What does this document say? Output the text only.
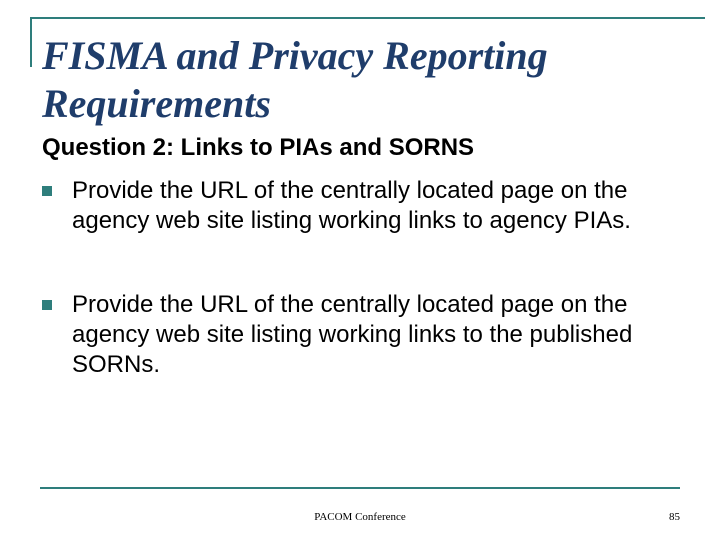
FISMA and Privacy Reporting Requirements
Question 2: Links to PIAs and SORNS
Provide the URL of the centrally located page on the agency web site listing working links to agency PIAs.
Provide the URL of the centrally located page on the agency web site listing working links to the published SORNs.
PACOM Conference	85
